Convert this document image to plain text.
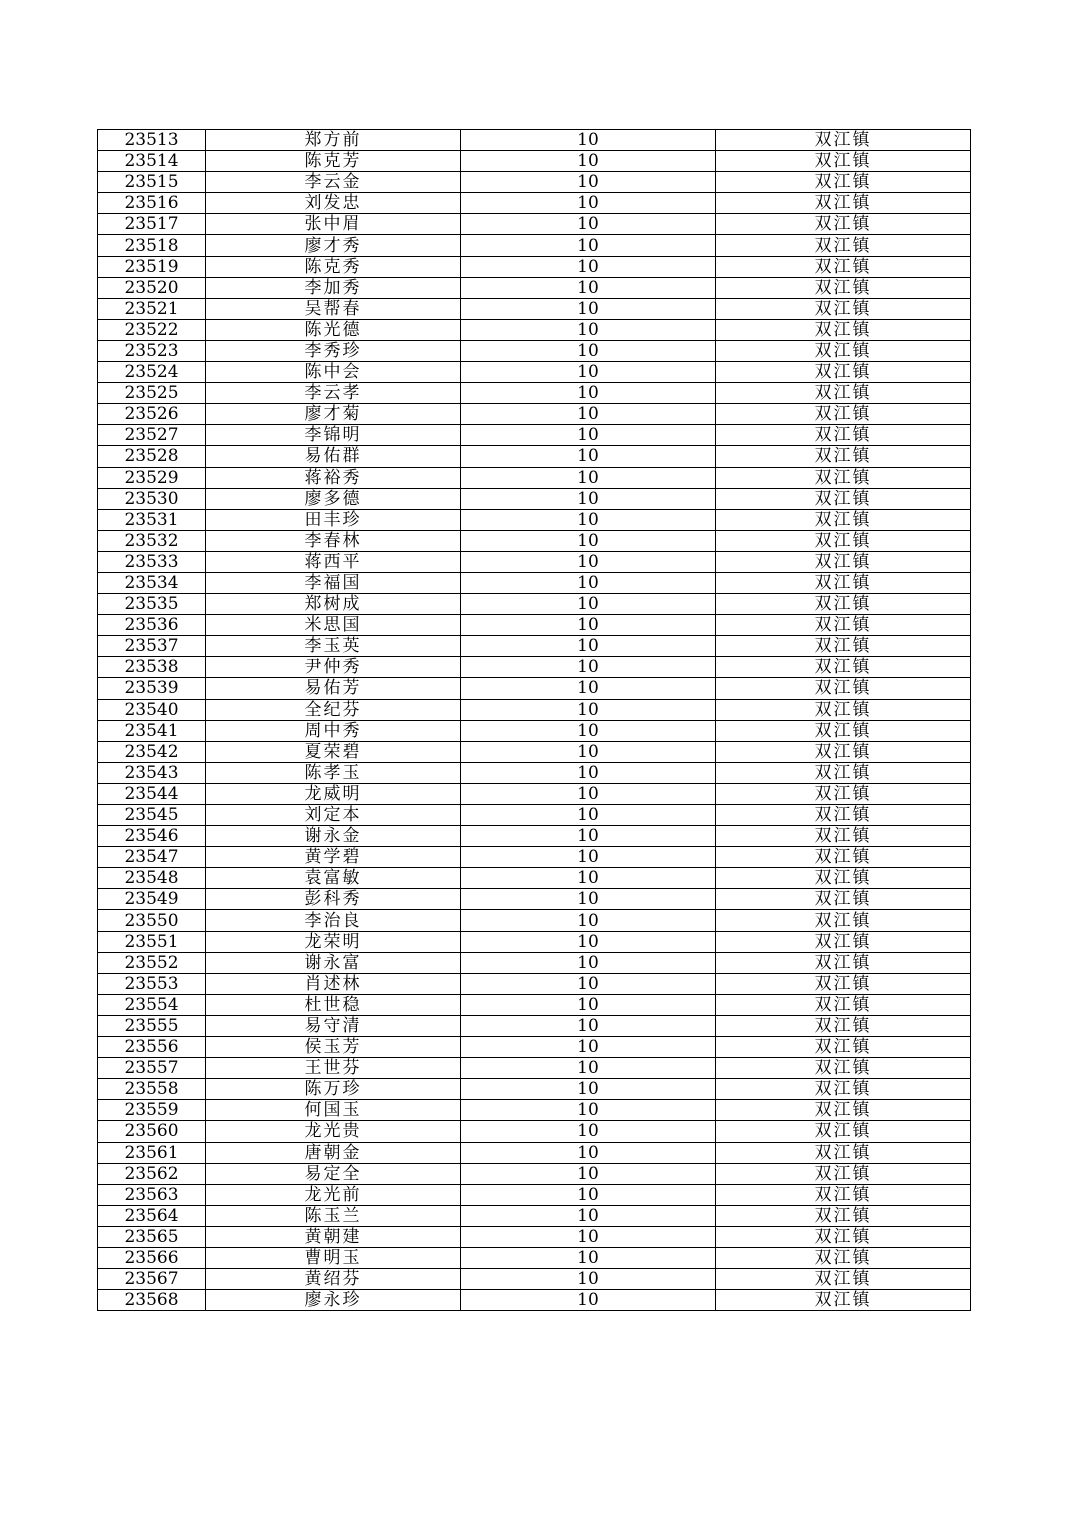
23513	郑方前	10	双江镇
23514	陈克芳	10	双江镇
23515	李云金	10	双江镇
23516	刘发忠	10	双江镇
23517	张中眉	10	双江镇
23518	廖才秀	10	双江镇
23519	陈克秀	10	双江镇
23520	李加秀	10	双江镇
23521	吴帮春	10	双江镇
23522	陈光德	10	双江镇
23523	李秀珍	10	双江镇
23524	陈中会	10	双江镇
23525	李云孝	10	双江镇
23526	廖才菊	10	双江镇
23527	李锦明	10	双江镇
23528	易佑群	10	双江镇
23529	蒋裕秀	10	双江镇
23530	廖多德	10	双江镇
23531	田丰珍	10	双江镇
23532	李春林	10	双江镇
23533	蒋西平	10	双江镇
23534	李福国	10	双江镇
23535	郑树成	10	双江镇
23536	米思国	10	双江镇
23537	李玉英	10	双江镇
23538	尹仲秀	10	双江镇
23539	易佑芳	10	双江镇
23540	全纪芬	10	双江镇
23541	周中秀	10	双江镇
23542	夏荣碧	10	双江镇
23543	陈孝玉	10	双江镇
23544	龙威明	10	双江镇
23545	刘定本	10	双江镇
23546	谢永金	10	双江镇
23547	黄学碧	10	双江镇
23548	袁富敏	10	双江镇
23549	彭科秀	10	双江镇
23550	李治良	10	双江镇
23551	龙荣明	10	双江镇
23552	谢永富	10	双江镇
23553	肖述林	10	双江镇
23554	杜世稳	10	双江镇
23555	易守清	10	双江镇
23556	侯玉芳	10	双江镇
23557	王世芬	10	双江镇
23558	陈万珍	10	双江镇
23559	何国玉	10	双江镇
23560	龙光贵	10	双江镇
23561	唐朝金	10	双江镇
23562	易定全	10	双江镇
23563	龙光前	10	双江镇
23564	陈玉兰	10	双江镇
23565	黄朝建	10	双江镇
23566	曹明玉	10	双江镇
23567	黄绍芬	10	双江镇
23568	廖永珍	10	双江镇
